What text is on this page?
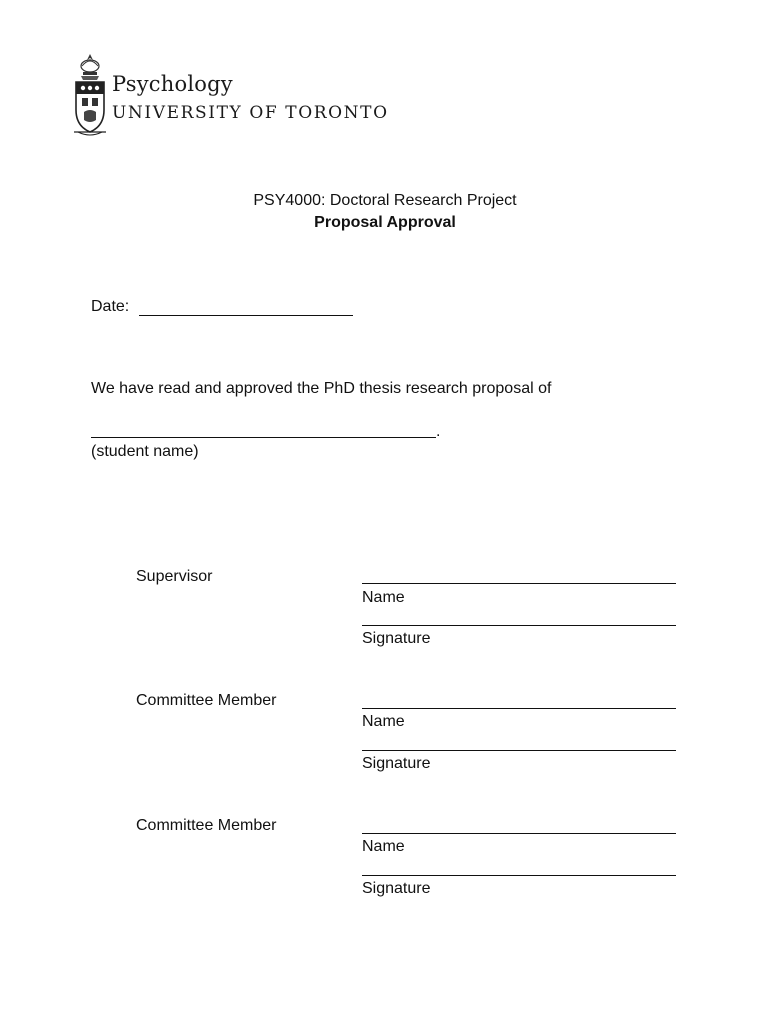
Psychology
UNIVERSITY OF TORONTO
PSY4000: Doctoral Research Project
Proposal Approval
Date:
We have read and approved the PhD thesis research proposal of
.
(student name)
Supervisor
Name
Signature
Committee Member
Name
Signature
Committee Member
Name
Signature
